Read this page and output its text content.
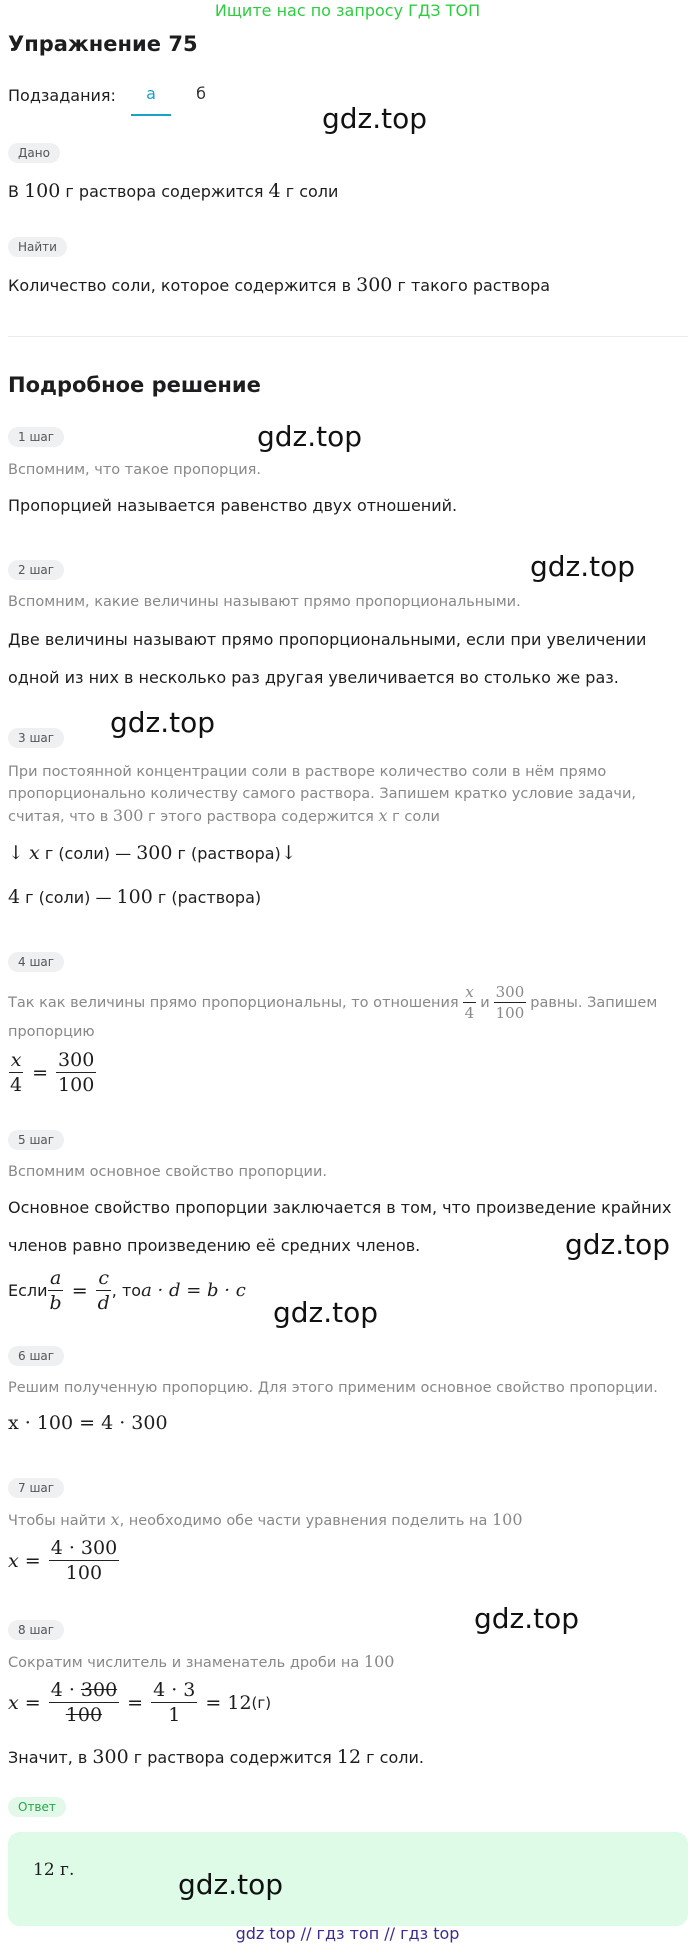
Ищите нас по запросу ГДЗ ТОП
Упражнение 75
Подзадания:	а	б
gdz.top
Дано
В 100 г раствора содержится 4 г соли
Найти
Количество соли, которое содержится в 300 г такого раствора
Подробное решение
1 шаг	gdz.top
Вспомним, что такое пропорция.
Пропорцией называется равенство двух отношений.
2 шаг	gdz.top
Вспомним, какие величины называют прямо пропорциональными.
Две величины называют прямо пропорциональными, если при увеличении
одной из них в несколько раз другая увеличивается во столько же раз.
gdz.top
3 шаг
При постоянной концентрации соли в растворе количество соли в нём прямо
пропорционально количеству самого раствора. Запишем кратко условие задачи,
считая, что в 300 г этого раствора содержится x г соли
↓ x г (соли) — 300 г (раствора)↓
4 г (соли) — 100 г (раствора)
4 шаг
Так как величины прямо пропорциональны, то отношения $\frac{x}{4}$ и $\frac{300}{100}$ равны. Запишем
пропорцию
$\frac{x}{4} = \frac{300}{100}$
5 шаг
Вспомним основное свойство пропорции.
Основное свойство пропорции заключается в том, что произведение крайних
членов равно произведению её средних членов.	gdz.top
Если $\frac{a}{b} = \frac{c}{d}$ , то a · d = b · c
gdz.top
6 шаг
Решим полученную пропорцию. Для этого применим основное свойство пропорции.
x · 100 = 4 · 300
7 шаг
Чтобы найти x, необходимо обе части уравнения поделить на 100
$x = \frac{4 \cdot 300}{100}$
gdz.top
8 шаг
Сократим числитель и знаменатель дроби на 100
$x = \frac{4 \cdot 300}{100} = \frac{4 \cdot 3}{1} = 12$ (г)
Значит, в 300 г раствора содержится 12 г соли.
Ответ
12 г.	gdz.top
gdz top // гдз топ // гдз top
